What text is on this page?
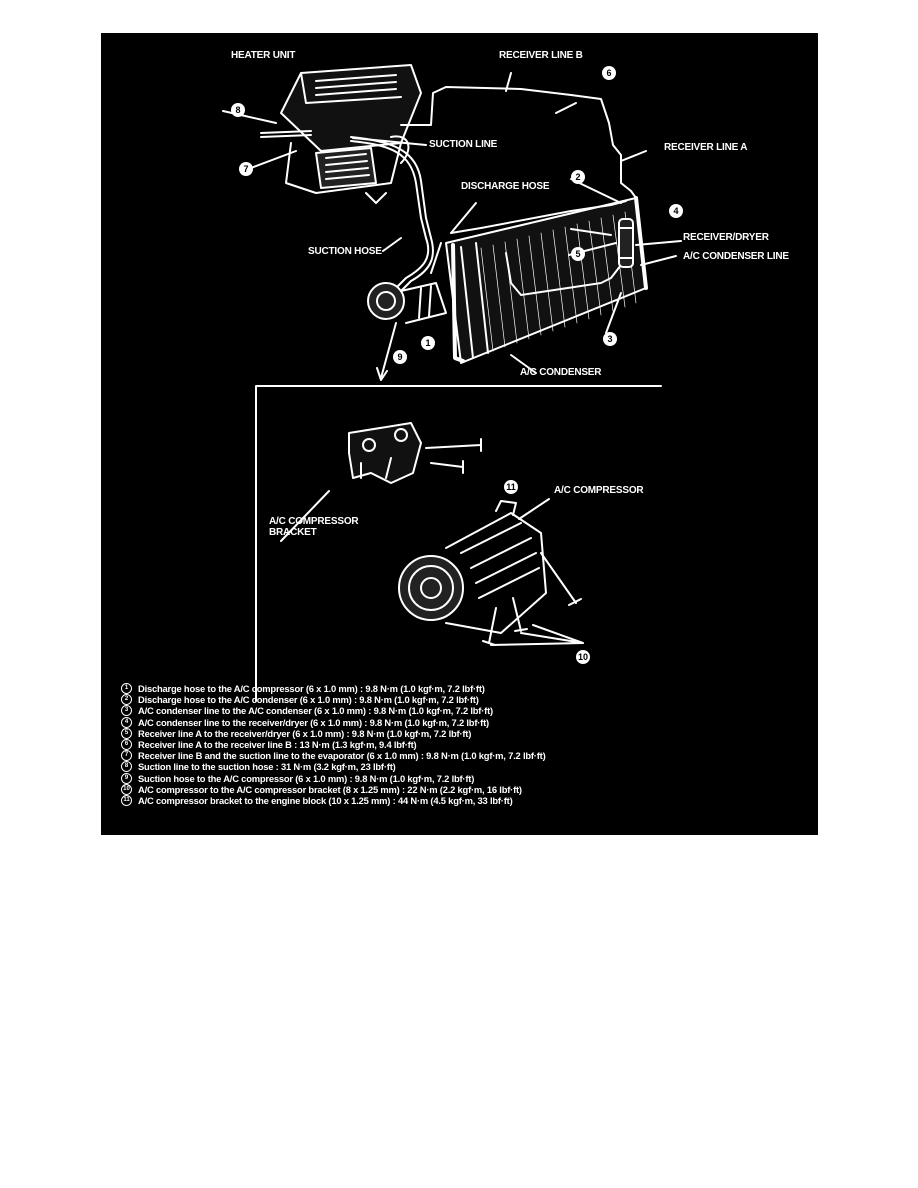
HEATER UNIT	RECEIVER LINE B
SUCTION LINE	RECEIVER LINE A
DISCHARGE HOSE
RECEIVER/DRYER
A/C CONDENSER LINE
SUCTION HOSE
A/C CONDENSER
A/C COMPRESSOR
A/C COMPRESSOR
BRACKET
1
2
3
4
5
6
7
8
9
10
11
1	Discharge hose to the A/C compressor (6 x 1.0 mm) : 9.8 N·m (1.0 kgf·m, 7.2 lbf·ft)
2	Discharge hose to the A/C condenser (6 x 1.0 mm) : 9.8 N·m (1.0 kgf·m, 7.2 lbf·ft)
3	A/C condenser line to the A/C condenser (6 x 1.0 mm) : 9.8 N·m (1.0 kgf·m, 7.2 lbf·ft)
4	A/C condenser line to the receiver/dryer (6 x 1.0 mm) : 9.8 N·m (1.0 kgf·m, 7.2 lbf·ft)
5	Receiver line A to the receiver/dryer (6 x 1.0 mm) : 9.8 N·m (1.0 kgf·m, 7.2 lbf·ft)
6	Receiver line A to the receiver line B : 13 N·m (1.3 kgf·m, 9.4 lbf·ft)
7	Receiver line B and the suction line to the evaporator (6 x 1.0 mm) : 9.8 N·m (1.0 kgf·m, 7.2 lbf·ft)
8	Suction line to the suction hose : 31 N·m (3.2 kgf·m, 23 lbf·ft)
9	Suction hose to the A/C compressor (6 x 1.0 mm) : 9.8 N·m (1.0 kgf·m, 7.2 lbf·ft)
10 A/C compressor to the A/C compressor bracket (8 x 1.25 mm) : 22 N·m (2.2 kgf·m, 16 lbf·ft)
11 A/C compressor bracket to the engine block (10 x 1.25 mm) : 44 N·m (4.5 kgf·m, 33 lbf·ft)
